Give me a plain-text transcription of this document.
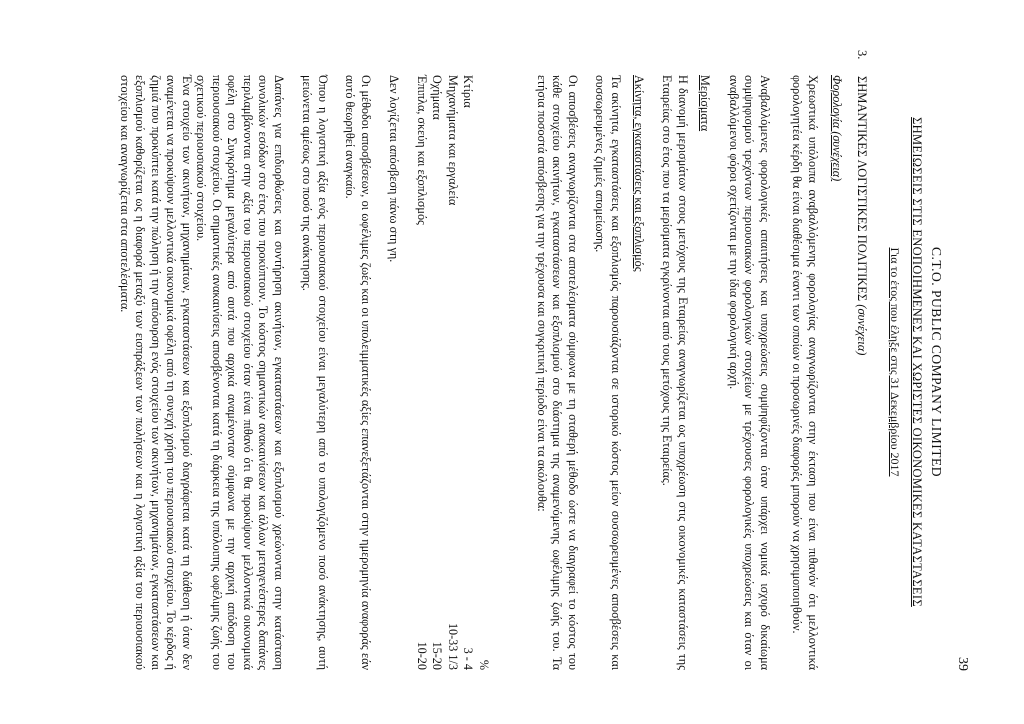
39
C.T.O. PUBLIC COMPANY LIMITED
ΣΗΜΕΙΩΣΕΙΣ ΣΤΙΣ ΕΝΟΠΟΙΗΜΕΝΕΣ ΚΑΙ ΧΩΡΙΣΤΕΣ ΟΙΚΟΝΟΜΙΚΕΣ ΚΑΤΑΣΤΑΣΕΙΣ
Για το έτος που έληξε στις 31 Δεκεμβρίου 2017
3.ΣΗΜΑΝΤΙΚΕΣ ΛΟΓΙΣΤΙΚΕΣ ΠΟΛΙΤΙΚΕΣ (συνέχεια)
Φορολογία (συνέχεια)

Χρεωστικά υπόλοιπα αναβαλλόμενης φορολογίας αναγνωρίζονται στην έκταση που είναι πιθανόν ότι μελλοντικά φορολογητέα κέρδη θα είναι διαθέσιμα έναντι των οποίων οι προσωρινές διαφορές μπορούν να χρησιμοποιηθούν.

Αναβαλλόμενες φορολογικές απαιτήσεις και υποχρεώσεις συμψηφίζονται όταν υπάρχει νομικά ισχυρό δικαίωμα συμψηφισμού τρεχόντων περιουσιακών φορολογικών στοιχείων με τρέχουσες φορολογικές υποχρεώσεις και όταν οι αναβαλλόμενοι φόροι σχετίζονται με την ίδια φορολογική αρχή.

Μερίσματα

Η διανομή μερισμάτων στους μετόχους της Εταιρείας αναγνωρίζεται ως υποχρέωση στις οικονομικές καταστάσεις της Εταιρείας στο έτος που τα μερίσματα εγκρίνονται από τους μετόχους της Εταιρείας.

Ακίνητα, εγκαταστάσεις και εξοπλισμός

Τα ακίνητα, εγκαταστάσεις και εξοπλισμός παρουσιάζονται σε ιστορικό κόστος μείον συσσωρευμένες αποσβέσεις και συσσωρευμένες ζημιές απομείωσης.

Οι αποσβέσεις αναγνωρίζονται στα αποτελέσματα σύμφωνα με τη σταθερή μέθοδο ώστε να διαγραφεί το κόστος του κάθε στοιχείου ακινήτων, εγκαταστάσεων και εξοπλισμού στο διάστημα της αναμενόμενης ωφέλιμης ζωής του. Τα ετήσια ποσοστά απόσβεσης για την τρέχουσα και συγκριτική περίοδο είναι τα ακόλουθα:

%
Κτίρια
3 - 4
Μηχανήματα και εργαλεία
10-33 1/3
Οχήματα
15-20
Έπιπλα, σκεύη και εξοπλισμός
10-20

Δεν λογίζεται απόσβεση πάνω στη γη.

Οι μέθοδοι αποσβέσεων, οι ωφέλιμες ζωές και οι υπολειμματικές αξίες επανεξετάζονται στην ημερομηνία αναφοράς εάν αυτό θεωρηθεί αναγκαίο.

Όπου η λογιστική αξία ενός περιουσιακού στοιχείου είναι μεγαλύτερη από το υπολογιζόμενο ποσό ανάκτησης, αυτή μειώνεται αμέσως στο ποσό της ανάκτησης.

Δαπάνες για επιδιορθώσεις και συντήρηση ακινήτων, εγκαταστάσεων και εξοπλισμού χρεώνονται στην κατάσταση συνολικών εσόδων στο έτος που προκύπτουν. Το κόστος σημαντικών ανακαινίσεων και άλλων μεταγενέστερες δαπάνες περιλαμβάνονται στην αξία του περιουσιακού στοιχείου όταν είναι πιθανό ότι θα προκύψουν μελλοντικά οικονομικά οφέλη στο Συγκρότημα μεγαλύτερα από αυτά που αρχικά αναμένονταν σύμφωνα με την αρχική απόδοση του περιουσιακού στοιχείου. Οι σημαντικές ανακαινίσεις αποσβένονται κατά τη διάρκεια της υπόλοιπης ωφέλιμης ζωής του σχετικού περιουσιακού στοιχείου.

Ένα στοιχείο των ακινήτων, μηχανημάτων, εγκαταστάσεων και εξοπλισμού διαγράφεται κατά τη διάθεση ή όταν δεν αναμένεται να προκύψουν μελλοντικά οικονομικά οφέλη από τη συνεχή χρήση του περιουσιακού στοιχείου. Το κέρδος ή ζημιά που προκύπτει κατά την πώληση ή την απόσυρση ενός στοιχείου των ακινήτων, μηχανημάτων, εγκαταστάσεων και εξοπλισμού καθορίζεται ως η διαφορά μεταξύ των εισπράξεων των πωλήσεων και η λογιστική αξία του περιουσιακού στοιχείου και αναγνωρίζεται στα αποτελέσματα.
